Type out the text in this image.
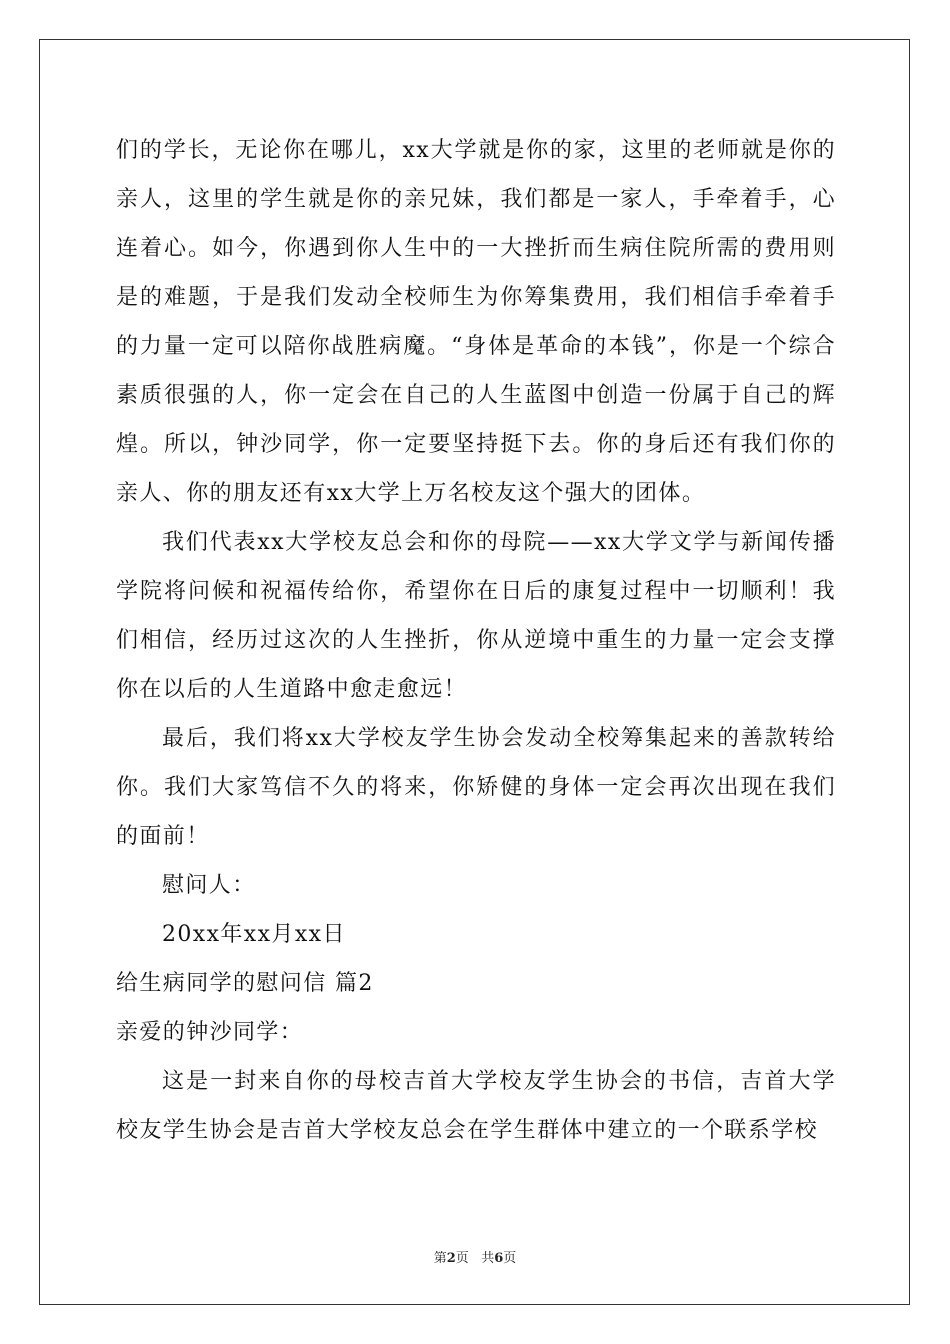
们的学长，无论你在哪儿，xx大学就是你的家，这里的老师就是你的亲人，这里的学生就是你的亲兄妹，我们都是一家人，手牵着手，心连着心。如今，你遇到你人生中的一大挫折而生病住院所需的费用则是的难题，于是我们发动全校师生为你筹集费用，我们相信手牵着手的力量一定可以陪你战胜病魔。“身体是革命的本钱”，你是一个综合素质很强的人，你一定会在自己的人生蓝图中创造一份属于自己的辉煌。所以，钟沙同学，你一定要坚持挺下去。你的身后还有我们你的亲人、你的朋友还有xx大学上万名校友这个强大的团体。

我们代表xx大学校友总会和你的母院——xx大学文学与新闻传播学院将问候和祝福传给你，希望你在日后的康复过程中一切顺利！我们相信，经历过这次的人生挫折，你从逆境中重生的力量一定会支撑你在以后的人生道路中愈走愈远！

最后，我们将xx大学校友学生协会发动全校筹集起来的善款转给你。我们大家笃信不久的将来，你矫健的身体一定会再次出现在我们的面前！

慰问人：

20xx年xx月xx日

给生病同学的慰问信 篇2

亲爱的钟沙同学：

这是一封来自你的母校吉首大学校友学生协会的书信，吉首大学校友学生协会是吉首大学校友总会在学生群体中建立的一个联系学校

第2页   共6页
